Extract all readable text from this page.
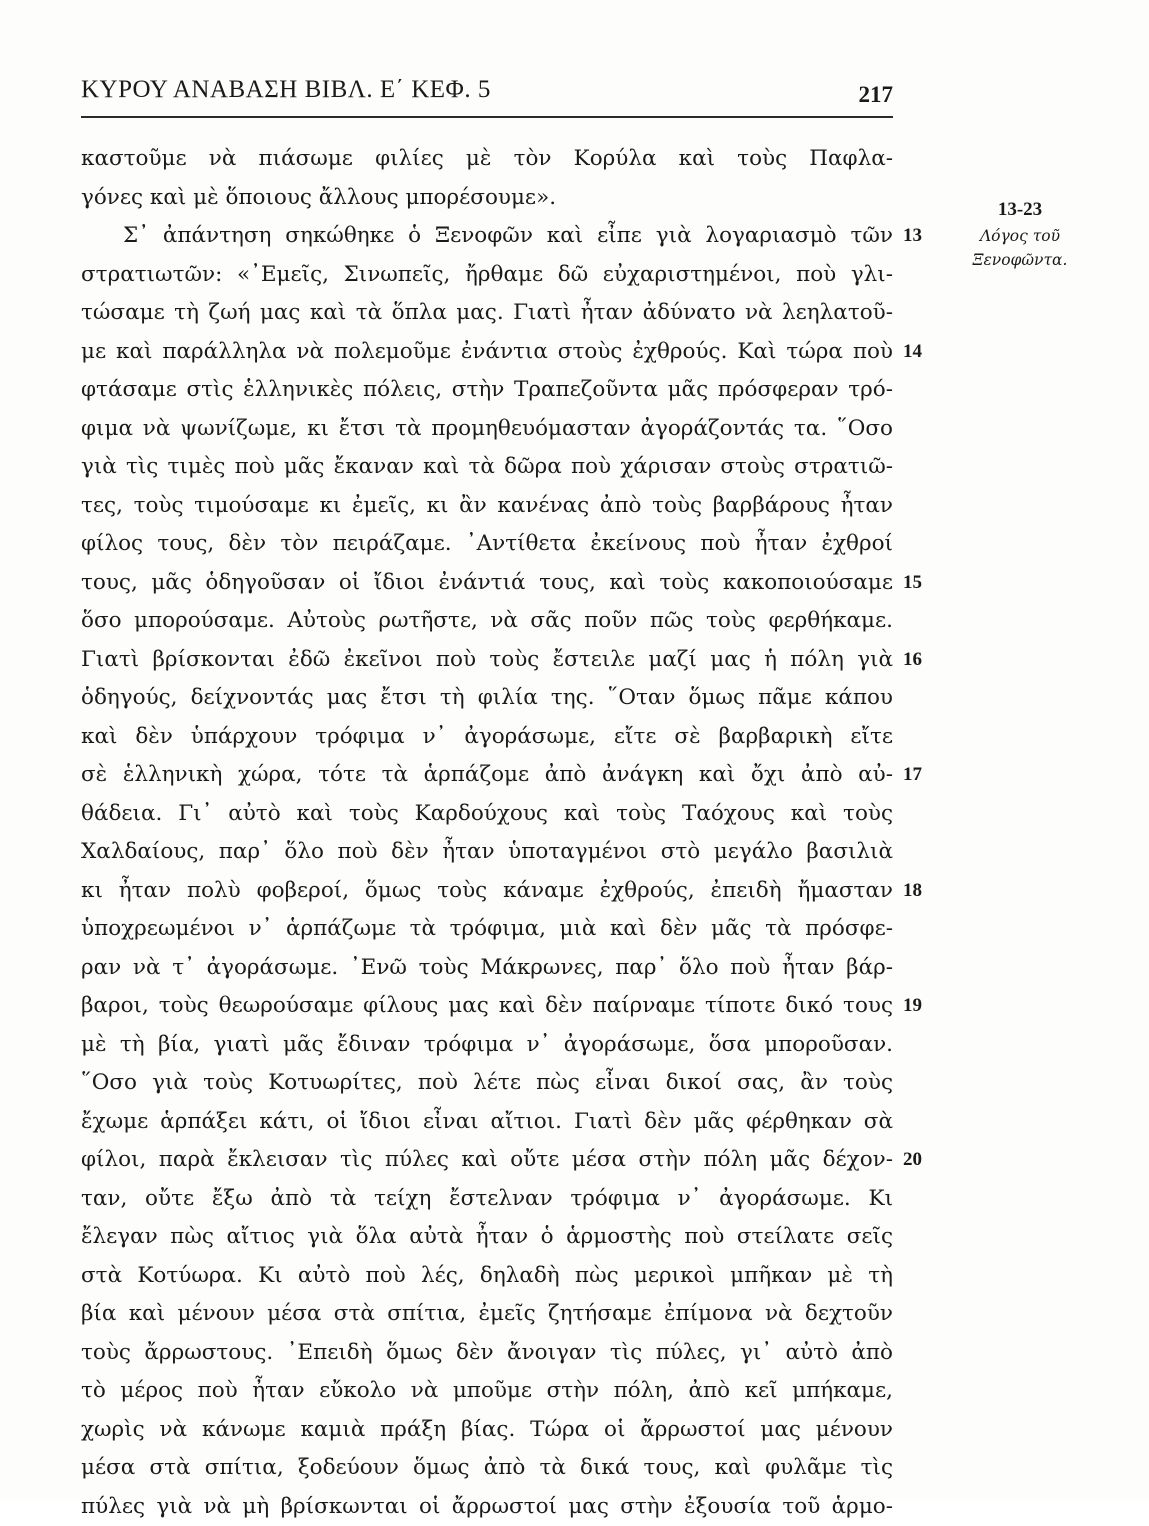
ΚΥΡΟΥ ΑΝΑΒΑΣΗ ΒΙΒΛ. Ε΄ ΚΕΦ. 5	217
καστοῦμε νὰ πιάσωμε φιλίες μὲ τὸν Κορύλα καὶ τοὺς Παφλα-
γόνες καὶ μὲ ὅποιους ἄλλους μπορέσουμε».
Σ᾿ ἀπάντηση σηκώθηκε ὁ Ξενοφῶν καὶ εἶπε γιὰ λογαριασμὸ τῶν
στρατιωτῶν: «᾿Εμεῖς, Σινωπεῖς, ἤρθαμε δῶ εὐχαριστημένοι, ποὺ γλι-
τώσαμε τὴ ζωή μας καὶ τὰ ὅπλα μας. Γιατὶ ἦταν ἀδύνατο νὰ λεηλατοῦ-
με καὶ παράλληλα νὰ πολεμοῦμε ἐνάντια στοὺς ἐχθρούς. Καὶ τώρα ποὺ
φτάσαμε στὶς ἑλληνικὲς πόλεις, στὴν Τραπεζοῦντα μᾶς πρόσφεραν τρό-
φιμα νὰ ψωνίζωμε, κι ἔτσι τὰ προμηθευόμασταν ἀγοράζοντάς τα. ῞Οσο
γιὰ τὶς τιμὲς ποὺ μᾶς ἔκαναν καὶ τὰ δῶρα ποὺ χάρισαν στοὺς στρατιῶ-
τες, τοὺς τιμούσαμε κι ἐμεῖς, κι ἂν κανένας ἀπὸ τοὺς βαρβάρους ἦταν
φίλος τους, δὲν τὸν πειράζαμε. ᾿Αντίθετα ἐκείνους ποὺ ἦταν ἐχθροί
τους, μᾶς ὁδηγοῦσαν οἱ ἴδιοι ἐνάντιά τους, καὶ τοὺς κακοποιούσαμε
ὅσο μπορούσαμε. Αὐτοὺς ρωτῆστε, νὰ σᾶς ποῦν πῶς τοὺς φερθήκαμε.
Γιατὶ βρίσκονται ἐδῶ ἐκεῖνοι ποὺ τοὺς ἔστειλε μαζί μας ἡ πόλη γιὰ
ὁδηγούς, δείχνοντάς μας ἔτσι τὴ φιλία της. ῞Οταν ὅμως πᾶμε κάπου
καὶ δὲν ὑπάρχουν τρόφιμα ν᾿ ἀγοράσωμε, εἴτε σὲ βαρβαρικὴ εἴτε
σὲ ἑλληνικὴ χώρα, τότε τὰ ἁρπάζομε ἀπὸ ἀνάγκη καὶ ὄχι ἀπὸ αὐ-
θάδεια. Γι᾿ αὐτὸ καὶ τοὺς Καρδούχους καὶ τοὺς Ταόχους καὶ τοὺς
Χαλδαίους, παρ᾿ ὅλο ποὺ δὲν ἦταν ὑποταγμένοι στὸ μεγάλο βασιλιὰ
κι ἦταν πολὺ φοβεροί, ὅμως τοὺς κάναμε ἐχθρούς, ἐπειδὴ ἤμασταν
ὑποχρεωμένοι ν᾿ ἁρπάζωμε τὰ τρόφιμα, μιὰ καὶ δὲν μᾶς τὰ πρόσφε-
ραν νὰ τ᾿ ἀγοράσωμε. ᾿Ενῶ τοὺς Μάκρωνες, παρ᾿ ὅλο ποὺ ἦταν βάρ-
βαροι, τοὺς θεωρούσαμε φίλους μας καὶ δὲν παίρναμε τίποτε δικό τους
μὲ τὴ βία, γιατὶ μᾶς ἔδιναν τρόφιμα ν᾿ ἀγοράσωμε, ὅσα μποροῦσαν.
῞Οσο γιὰ τοὺς Κοτυωρίτες, ποὺ λέτε πὼς εἶναι δικοί σας, ἂν τοὺς
ἔχωμε ἁρπάξει κάτι, οἱ ἴδιοι εἶναι αἴτιοι. Γιατὶ δὲν μᾶς φέρθηκαν σὰ
φίλοι, παρὰ ἔκλεισαν τὶς πύλες καὶ οὔτε μέσα στὴν πόλη μᾶς δέχον-
ταν, οὔτε ἔξω ἀπὸ τὰ τείχη ἔστελναν τρόφιμα ν᾿ ἀγοράσωμε. Κι
ἔλεγαν πὼς αἴτιος γιὰ ὅλα αὐτὰ ἦταν ὁ ἁρμοστὴς ποὺ στείλατε σεῖς
στὰ Κοτύωρα. Κι αὐτὸ ποὺ λές, δηλαδὴ πὼς μερικοὶ μπῆκαν μὲ τὴ
βία καὶ μένουν μέσα στὰ σπίτια, ἐμεῖς ζητήσαμε ἐπίμονα νὰ δεχτοῦν
τοὺς ἄρρωστους. ᾿Επειδὴ ὅμως δὲν ἄνοιγαν τὶς πύλες, γι᾿ αὐτὸ ἀπὸ
τὸ μέρος ποὺ ἦταν εὔκολο νὰ μποῦμε στὴν πόλη, ἀπὸ κεῖ μπήκαμε,
χωρὶς νὰ κάνωμε καμιὰ πράξη βίας. Τώρα οἱ ἄρρωστοί μας μένουν
μέσα στὰ σπίτια, ξοδεύουν ὅμως ἀπὸ τὰ δικά τους, καὶ φυλᾶμε τὶς
πύλες γιὰ νὰ μὴ βρίσκωνται οἱ ἄρρωστοί μας στὴν ἐξουσία τοῦ ἁρμο-
13
14
15
16
17
18
19
20
13-23
Λόγος τοῦ
Ξενοφῶντα.
